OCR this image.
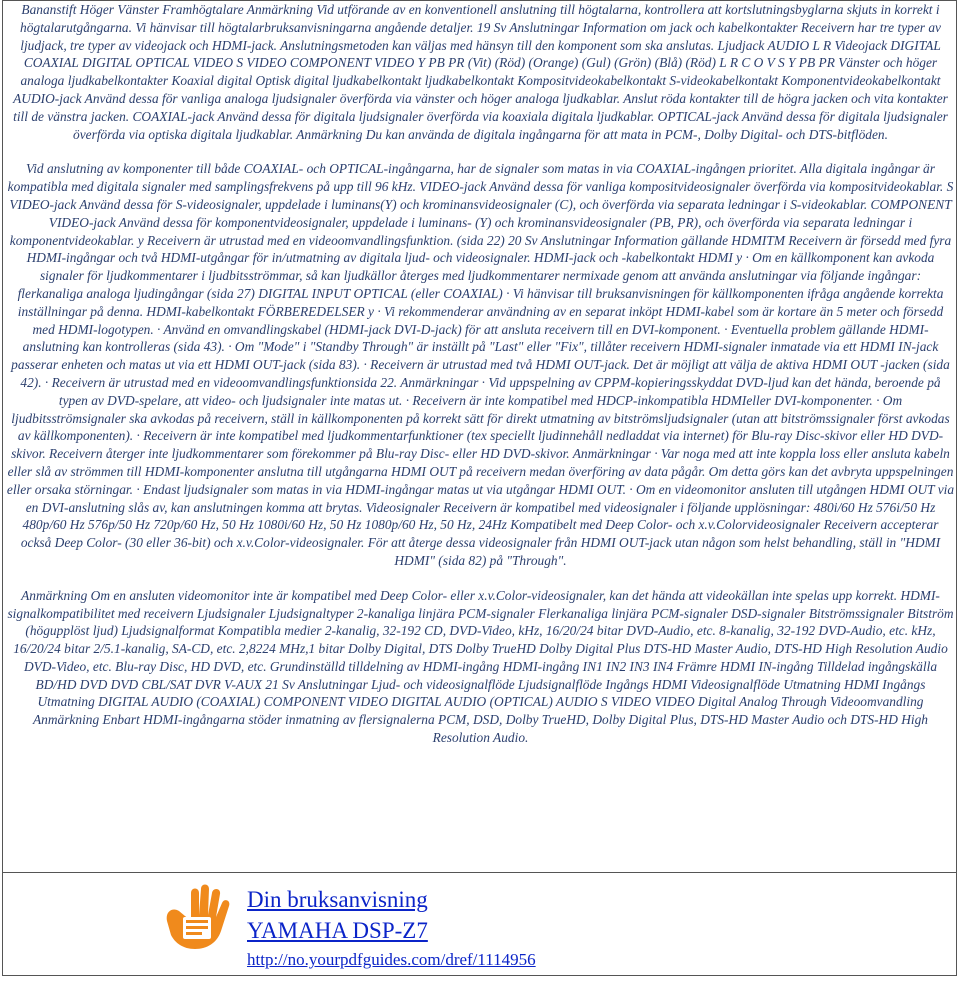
Bananstift Höger Vänster Framhögtalare Anmärkning Vid utförande av en konventionell anslutning till högtalarna, kontrollera att kortslutningsbyglarna skjuts in korrekt i högtalarutgångarna. Vi hänvisar till högtalarbruksanvisningarna angående detaljer. 19 Sv Anslutningar Information om jack och kabelkontakter Receivern har tre typer av ljudjack, tre typer av videojack och HDMI-jack. Anslutningsmetoden kan väljas med hänsyn till den komponent som ska anslutas. Ljudjack AUDIO L R Videojack DIGITAL COAXIAL DIGITAL OPTICAL VIDEO S VIDEO COMPONENT VIDEO Y PB PR (Vit) (Röd) (Orange) (Gul) (Grön) (Blå) (Röd) L R C O V S Y PB PR Vänster och höger analoga ljudkabelkontakter Koaxial digital Optisk digital ljudkabelkontakt ljudkabelkontakt Kompositvideokabelkontakt S-videokabelkontakt Komponentvideokabelkontakt AUDIO-jack Använd dessa för vanliga analoga ljudsignaler överförda via vänster och höger analoga ljudkablar. Anslut röda kontakter till de högra jacken och vita kontakter till de vänstra jacken. COAXIAL-jack Använd dessa för digitala ljudsignaler överförda via koaxiala digitala ljudkablar. OPTICAL-jack Använd dessa för digitala ljudsignaler överförda via optiska digitala ljudkablar. Anmärkning Du kan använda de digitala ingångarna för att mata in PCM-, Dolby Digital- och DTS-bitflöden.

Vid anslutning av komponenter till både COAXIAL- och OPTICAL-ingångarna, har de signaler som matas in via COAXIAL-ingången prioritet. Alla digitala ingångar är kompatibla med digitala signaler med samplingsfrekvens på upp till 96 kHz. VIDEO-jack Använd dessa för vanliga kompositvideosignaler överförda via kompositvideokablar. S VIDEO-jack Använd dessa för S-videosignaler, uppdelade i luminans(Y) och krominansvideosignaler (C), och överförda via separata ledningar i S-videokablar. COMPONENT VIDEO-jack Använd dessa för komponentvideosignaler, uppdelade i luminans- (Y) och krominansvideosignaler (PB, PR), och överförda via separata ledningar i komponentvideokablar. y Receivern är utrustad med en videoomvandlingsfunktion. (sida 22) 20 Sv Anslutningar Information gällande HDMITM Receivern är försedd med fyra HDMI-ingångar och två HDMI-utgångar för in/utmatning av digitala ljud- och videosignaler. HDMI-jack och -kabelkontakt HDMI y · Om en källkomponent kan avkoda signaler för ljudkommentarer i ljudbitsströmmar, så kan ljudkällor återges med ljudkommentarer nermixade genom att använda anslutningar via följande ingångar: flerkanaliga analoga ljudingångar (sida 27) DIGITAL INPUT OPTICAL (eller COAXIAL) · Vi hänvisar till bruksanvisningen för källkomponenten ifråga angående korrekta inställningar på denna. HDMI-kabelkontakt FÖRBEREDELSER y · Vi rekommenderar användning av en separat inköpt HDMI-kabel som är kortare än 5 meter och försedd med HDMI-logotypen. · Använd en omvandlingskabel (HDMI-jack DVI-D-jack) för att ansluta receivern till en DVI-komponent. · Eventuella problem gällande HDMI-anslutning kan kontrolleras (sida 43). · Om "Mode" i "Standby Through" är inställt på "Last" eller "Fix", tillåter receivern HDMI-signaler inmatade via ett HDMI IN-jack passerar enheten och matas ut via ett HDMI OUT-jack (sida 83). · Receivern är utrustad med två HDMI OUT-jack. Det är möjligt att välja de aktiva HDMI OUT -jacken (sida 42). · Receivern är utrustad med en videoomvandlingsfunktionsida 22. Anmärkningar · Vid uppspelning av CPPM-kopieringsskyddat DVD-ljud kan det hända, beroende på typen av DVD-spelare, att video- och ljudsignaler inte matas ut. · Receivern är inte kompatibel med HDCP-inkompatibla HDMIeller DVI-komponenter. · Om ljudbitsströmsignaler ska avkodas på receivern, ställ in källkomponenten på korrekt sätt för direkt utmatning av bitströmsljudsignaler (utan att bitströmssignaler först avkodas av källkomponenten). · Receivern är inte kompatibel med ljudkommentarfunktioner (tex speciellt ljudinnehåll nedladdat via internet) för Blu-ray Disc-skivor eller HD DVD-skivor. Receivern återger inte ljudkommentarer som förekommer på Blu-ray Disc- eller HD DVD-skivor. Anmärkningar · Var noga med att inte koppla loss eller ansluta kabeln eller slå av strömmen till HDMI-komponenter anslutna till utgångarna HDMI OUT på receivern medan överföring av data pågår. Om detta görs kan det avbryta uppspelningen eller orsaka störningar. · Endast ljudsignaler som matas in via HDMI-ingångar matas ut via utgångar HDMI OUT. · Om en videomonitor ansluten till utgången HDMI OUT via en DVI-anslutning slås av, kan anslutningen komma att brytas. Videosignaler Receivern är kompatibel med videosignaler i följande upplösningar: 480i/60 Hz 576i/50 Hz 480p/60 Hz 576p/50 Hz 720p/60 Hz, 50 Hz 1080i/60 Hz, 50 Hz 1080p/60 Hz, 50 Hz, 24Hz Kompatibelt med Deep Color- och x.v.Colorvideosignaler Receivern accepterar också Deep Color- (30 eller 36-bit) och x.v.Color-videosignaler. För att återge dessa videosignaler från HDMI OUT-jack utan någon som helst behandling, ställ in "HDMI HDMI" (sida 82) på "Through".

Anmärkning Om en ansluten videomonitor inte är kompatibel med Deep Color- eller x.v.Color-videosignaler, kan det hända att videokällan inte spelas upp korrekt. HDMI-signalkompatibilitet med receivern Ljudsignaler Ljudsignaltyper 2-kanaliga linjära PCM-signaler Flerkanaliga linjära PCM-signaler DSD-signaler Bitströmssignaler Bitström (högupplöst ljud) Ljudsignalformat Kompatibla medier 2-kanalig, 32-192 CD, DVD-Video, kHz, 16/20/24 bitar DVD-Audio, etc. 8-kanalig, 32-192 DVD-Audio, etc. kHz, 16/20/24 bitar 2/5.1-kanalig, SA-CD, etc. 2,8224 MHz,1 bitar Dolby Digital, DTS Dolby TrueHD Dolby Digital Plus DTS-HD Master Audio, DTS-HD High Resolution Audio DVD-Video, etc. Blu-ray Disc, HD DVD, etc. Grundinställd tilldelning av HDMI-ingång HDMI-ingång IN1 IN2 IN3 IN4 Främre HDMI IN-ingång Tilldelad ingångskälla BD/HD DVD DVD CBL/SAT DVR V-AUX 21 Sv Anslutningar Ljud- och videosignalflöde Ljudsignalflöde Ingångs HDMI Videosignalflöde Utmatning HDMI Ingångs Utmatning DIGITAL AUDIO (COAXIAL) COMPONENT VIDEO DIGITAL AUDIO (OPTICAL) AUDIO S VIDEO VIDEO Digital Analog Through Videoomvandling Anmärkning Enbart HDMI-ingångarna stöder inmatning av flersignalerna PCM, DSD, Dolby TrueHD, Dolby Digital Plus, DTS-HD Master Audio och DTS-HD High Resolution Audio.

Din bruksanvisning
YAMAHA DSP-Z7
http://no.yourpdfguides.com/dref/1114956
